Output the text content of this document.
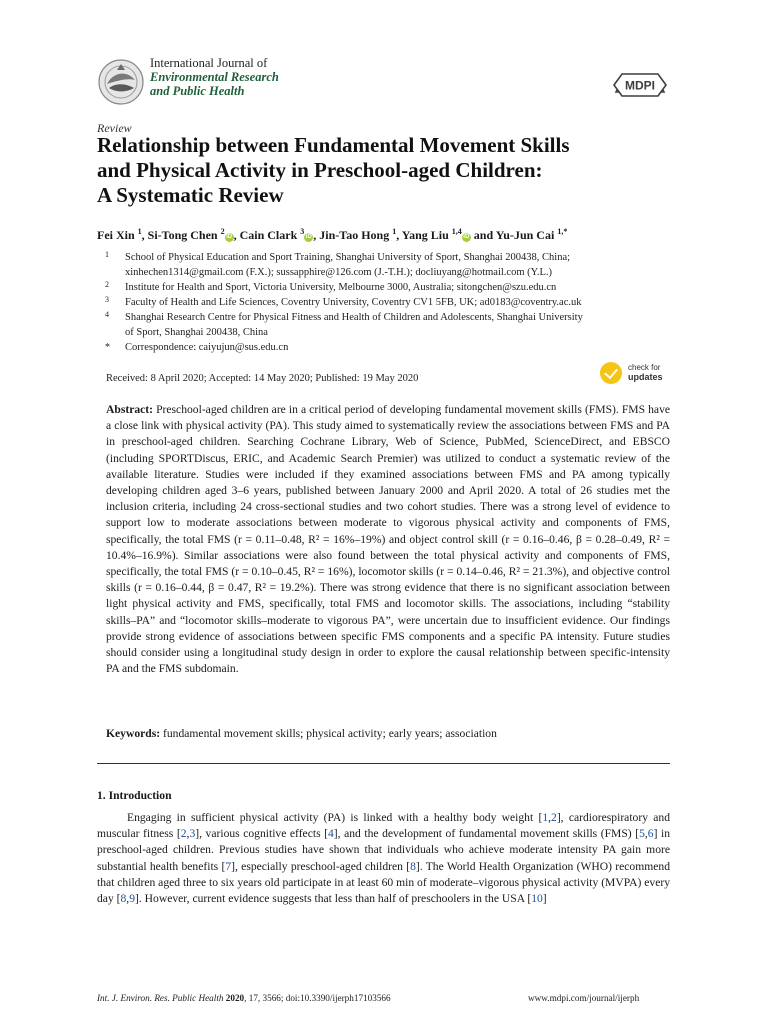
International Journal of
Environmental Research
and Public Health	MDPI
Review
Relationship between Fundamental Movement Skills
and Physical Activity in Preschool-aged Children:
A Systematic Review
Fei Xin $^1$, Si-Tong Chen $^2$iD , Cain Clark $^3$iD , Jin-Tao Hong $^1$, Yang Liu $^{1,4}$iD and Yu-Jun Cai $^{1,*}$
1 School of Physical Education and Sport Training, Shanghai University of Sport, Shanghai 200438, China;
xinhechen1314@gmail.com (F.X.); sussapphire@126.com (J.-T.H.); docliuyang@hotmail.com (Y.L.)
2 Institute for Health and Sport, Victoria University, Melbourne 3000, Australia; sitongchen@szu.edu.cn
3 Faculty of Health and Life Sciences, Coventry University, Coventry CV1 5FB, UK; ad0183@coventry.ac.uk
4 Shanghai Research Centre for Physical Fitness and Health of Children and Adolescents, Shanghai University
of Sport, Shanghai 200438, China
* Correspondence: caiyujun@sus.edu.cn
Received: 8 April 2020; Accepted: 14 May 2020; Published: 19 May 2020
check for
updates
Abstract: Preschool-aged children are in a critical period of developing fundamental movement skills (FMS). FMS have a close link with physical activity (PA). This study aimed to systematically review the associations between FMS and PA in preschool-aged children. Searching Cochrane Library, Web of Science, PubMed, ScienceDirect, and EBSCO (including SPORTDiscus, ERIC, and Academic Search Premier) was utilized to conduct a systematic review of the available literature. Studies were included if they examined associations between FMS and PA among typically developing children aged 3–6 years, published between January 2000 and April 2020. A total of 26 studies met the inclusion criteria, including 24 cross-sectional studies and two cohort studies. There was a strong level of evidence to support low to moderate associations between moderate to vigorous physical activity and components of FMS, specifically, the total FMS (r = 0.11–0.48, R² = 16%–19%) and object control skill (r = 0.16–0.46, β = 0.28–0.49, R² = 10.4%–16.9%). Similar associations were also found between the total physical activity and components of FMS, specifically, the total FMS (r = 0.10–0.45, R² = 16%), locomotor skills (r = 0.14–0.46, R² = 21.3%), and objective control skills (r = 0.16–0.44, β = 0.47, R² = 19.2%). There was strong evidence that there is no significant association between light physical activity and FMS, specifically, total FMS and locomotor skills. The associations, including “stability skills–PA” and “locomotor skills–moderate to vigorous PA”, were uncertain due to insufficient evidence. Our findings provide strong evidence of associations between specific FMS components and a specific PA intensity. Future studies should consider using a longitudinal study design in order to explore the causal relationship between specific-intensity PA and the FMS subdomain.
Keywords: fundamental movement skills; physical activity; early years; association
1. Introduction
Engaging in sufficient physical activity (PA) is linked with a healthy body weight [1,2], cardiorespiratory and muscular fitness [2,3], various cognitive effects [4], and the development of fundamental movement skills (FMS) [5,6] in preschool-aged children. Previous studies have shown that individuals who achieve moderate intensity PA gain more substantial health benefits [7], especially preschool-aged children [8]. The World Health Organization (WHO) recommend that children aged three to six years old participate in at least 60 min of moderate–vigorous physical activity (MVPA) every day [8,9]. However, current evidence suggests that less than half of preschoolers in the USA [10]
Int. J. Environ. Res. Public Health 2020, 17, 3566; doi:10.3390/ijerph17103566	www.mdpi.com/journal/ijerph
